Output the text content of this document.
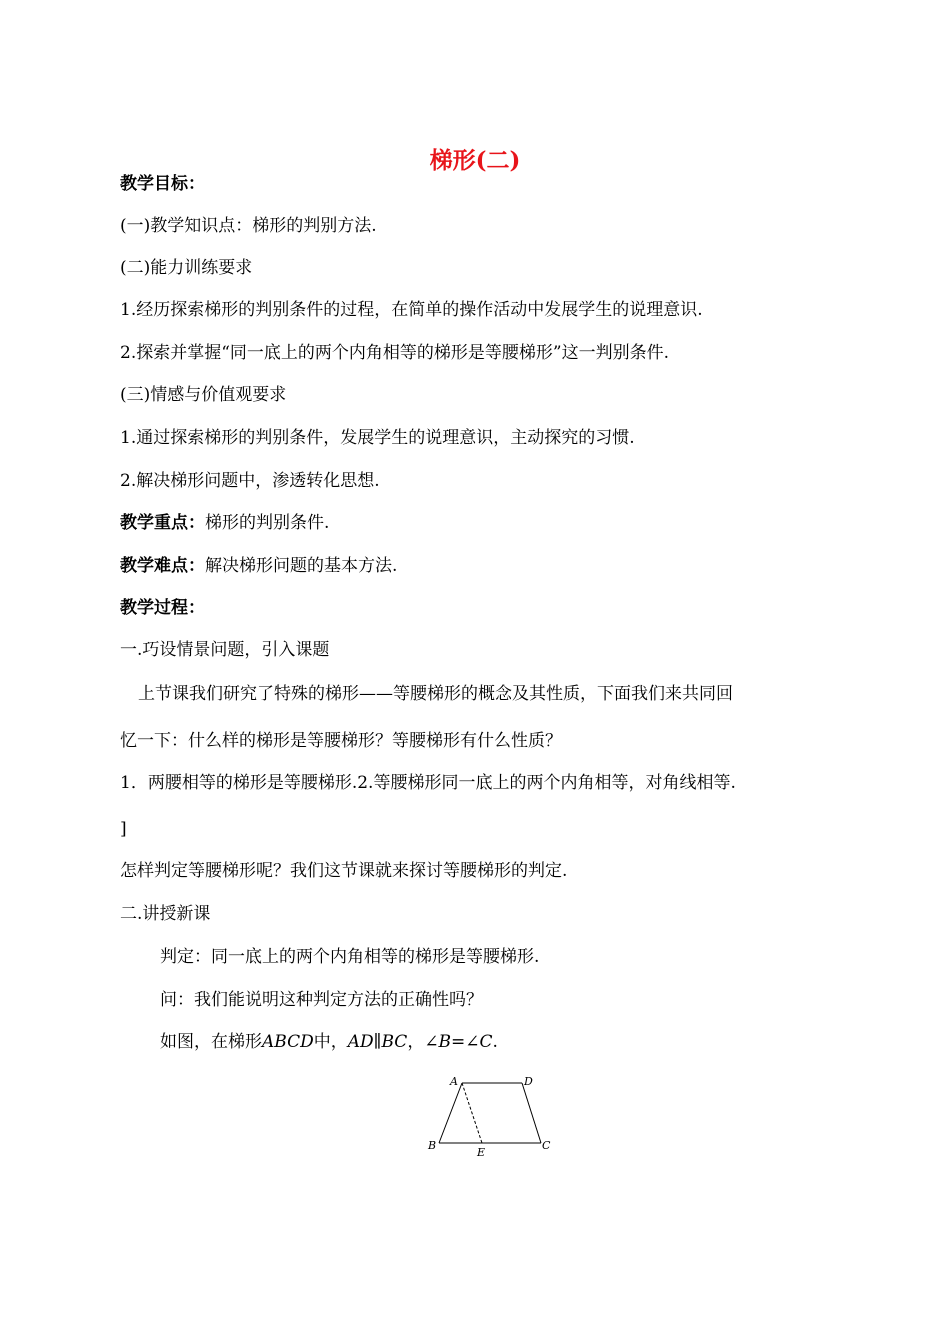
梯形(二)
教学目标：
(一)教学知识点：梯形的判别方法.
(二)能力训练要求
1.经历探索梯形的判别条件的过程，在简单的操作活动中发展学生的说理意识.
2.探索并掌握“同一底上的两个内角相等的梯形是等腰梯形”这一判别条件.
(三)情感与价值观要求
1.通过探索梯形的判别条件，发展学生的说理意识，主动探究的习惯.
2.解决梯形问题中，渗透转化思想.
教学重点：梯形的判别条件.
教学难点：解决梯形问题的基本方法.
教学过程：
一.巧设情景问题，引入课题
上节课我们研究了特殊的梯形——等腰梯形的概念及其性质，下面我们来共同回
忆一下：什么样的梯形是等腰梯形？等腰梯形有什么性质？
1．两腰相等的梯形是等腰梯形.2.等腰梯形同一底上的两个内角相等，对角线相等.
]
怎样判定等腰梯形呢？我们这节课就来探讨等腰梯形的判定.
二.讲授新课
判定：同一底上的两个内角相等的梯形是等腰梯形.
问：我们能说明这种判定方法的正确性吗？
如图，在梯形ABCD中，AD∥BC，∠B=∠C.
A	D
B
E
C
